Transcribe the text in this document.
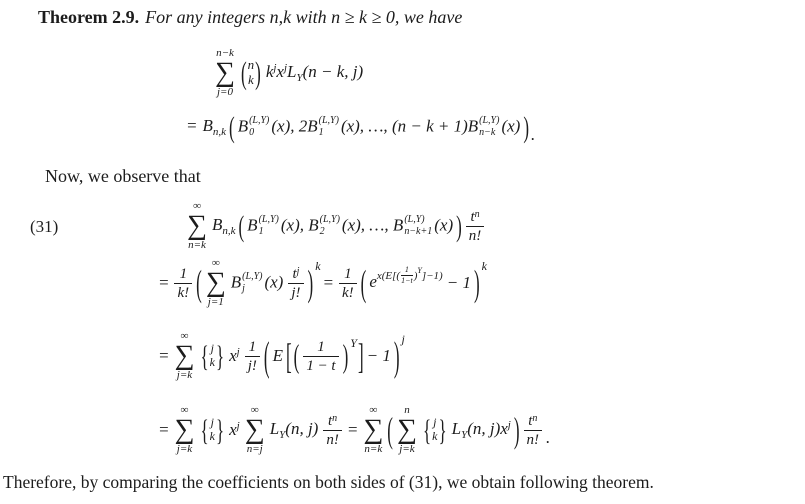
Theorem 2.9. For any integers n,k with n ≥ k ≥ 0, we have
n−k
∑
j=0
( n
k ) $k^jx^jL_Y(n - k$, j)
= $B_{n,k}$ ( B (L,Y)
0 (x), 2B (L,Y)
1 (x), …, (n − k + 1)B (L,Y)
n−k (x) ) .
Now, we observe that
(31)
∞
∑
n=k
$B_{n,k}$ ( B (L,Y)
1 (x), B (L,Y)
2 (x), …, B (L,Y)
n−k+1 (x) ) $\frac{t^n}{n!}$
= $\frac{1}{k!}$ ( ∞
∑
j=1
B (L,Y)
j $(x) \frac{t^j}{j!}$ ) k
= $\frac{1}{k!}$ ( e $x(E[( \frac{1}{1-t}$ ) Y ]−1) − 1 ) k
=
∞
∑
j=k
{ j
k } $x^j \frac{1}{j!}$ ( E [ ( $\frac{1}{1 - t}$ ) Y ] − 1 ) j
=
∞
∑
j=k
{ j
k } $x^j$
∞
∑
n=j
$L_Y(n$, $j) \frac{t^n}{n!}$ =
∞
∑
n=k ( n
∑
j=k
{ j
k } $L_Y(n$, $j)x^j$ ) $\frac{t^n}{n!}$ .
Therefore, by comparing the coefficients on both sides of (31), we obtain following theorem.
